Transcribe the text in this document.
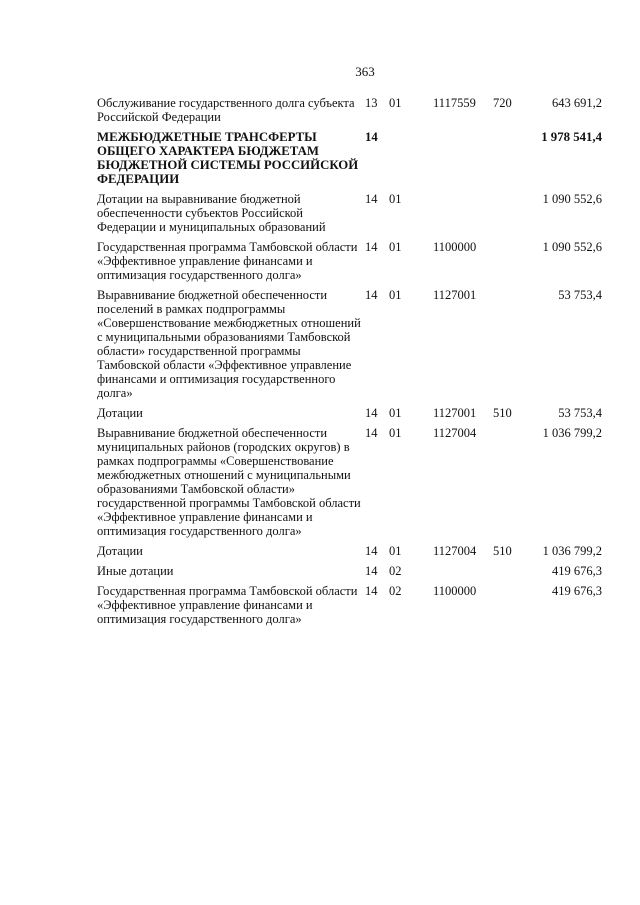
363
Обслуживание государственного долга субъекта Российской Федерации	13	01	1117559	720	643 691,2
МЕЖБЮДЖЕТНЫЕ ТРАНСФЕРТЫ ОБЩЕГО ХАРАКТЕРА БЮДЖЕТАМ БЮДЖЕТНОЙ СИСТЕМЫ РОССИЙСКОЙ ФЕДЕРАЦИИ	14				1 978 541,4
Дотации на выравнивание бюджетной обеспеченности субъектов Российской Федерации и муниципальных образований	14	01			1 090 552,6
Государственная программа Тамбовской области «Эффективное управление финансами и оптимизация государственного долга»	14	01	1100000		1 090 552,6
Выравнивание бюджетной обеспеченности поселений в рамках подпрограммы «Совершенствование межбюджетных отношений с муниципальными образованиями Тамбовской области» государственной программы Тамбовской области «Эффективное управление финансами и оптимизация государственного долга»	14	01	1127001		53 753,4
Дотации	14	01	1127001	510	53 753,4
Выравнивание бюджетной обеспеченности муниципальных районов (городских округов) в рамках подпрограммы «Совершенствование межбюджетных отношений с муниципальными образованиями Тамбовской области» государственной программы Тамбовской области «Эффективное управление финансами и оптимизация государственного долга»	14	01	1127004		1 036 799,2
Дотации	14	01	1127004	510	1 036 799,2
Иные дотации	14	02			419 676,3
Государственная программа Тамбовской области «Эффективное управление финансами и оптимизация государственного долга»	14	02	1100000		419 676,3
